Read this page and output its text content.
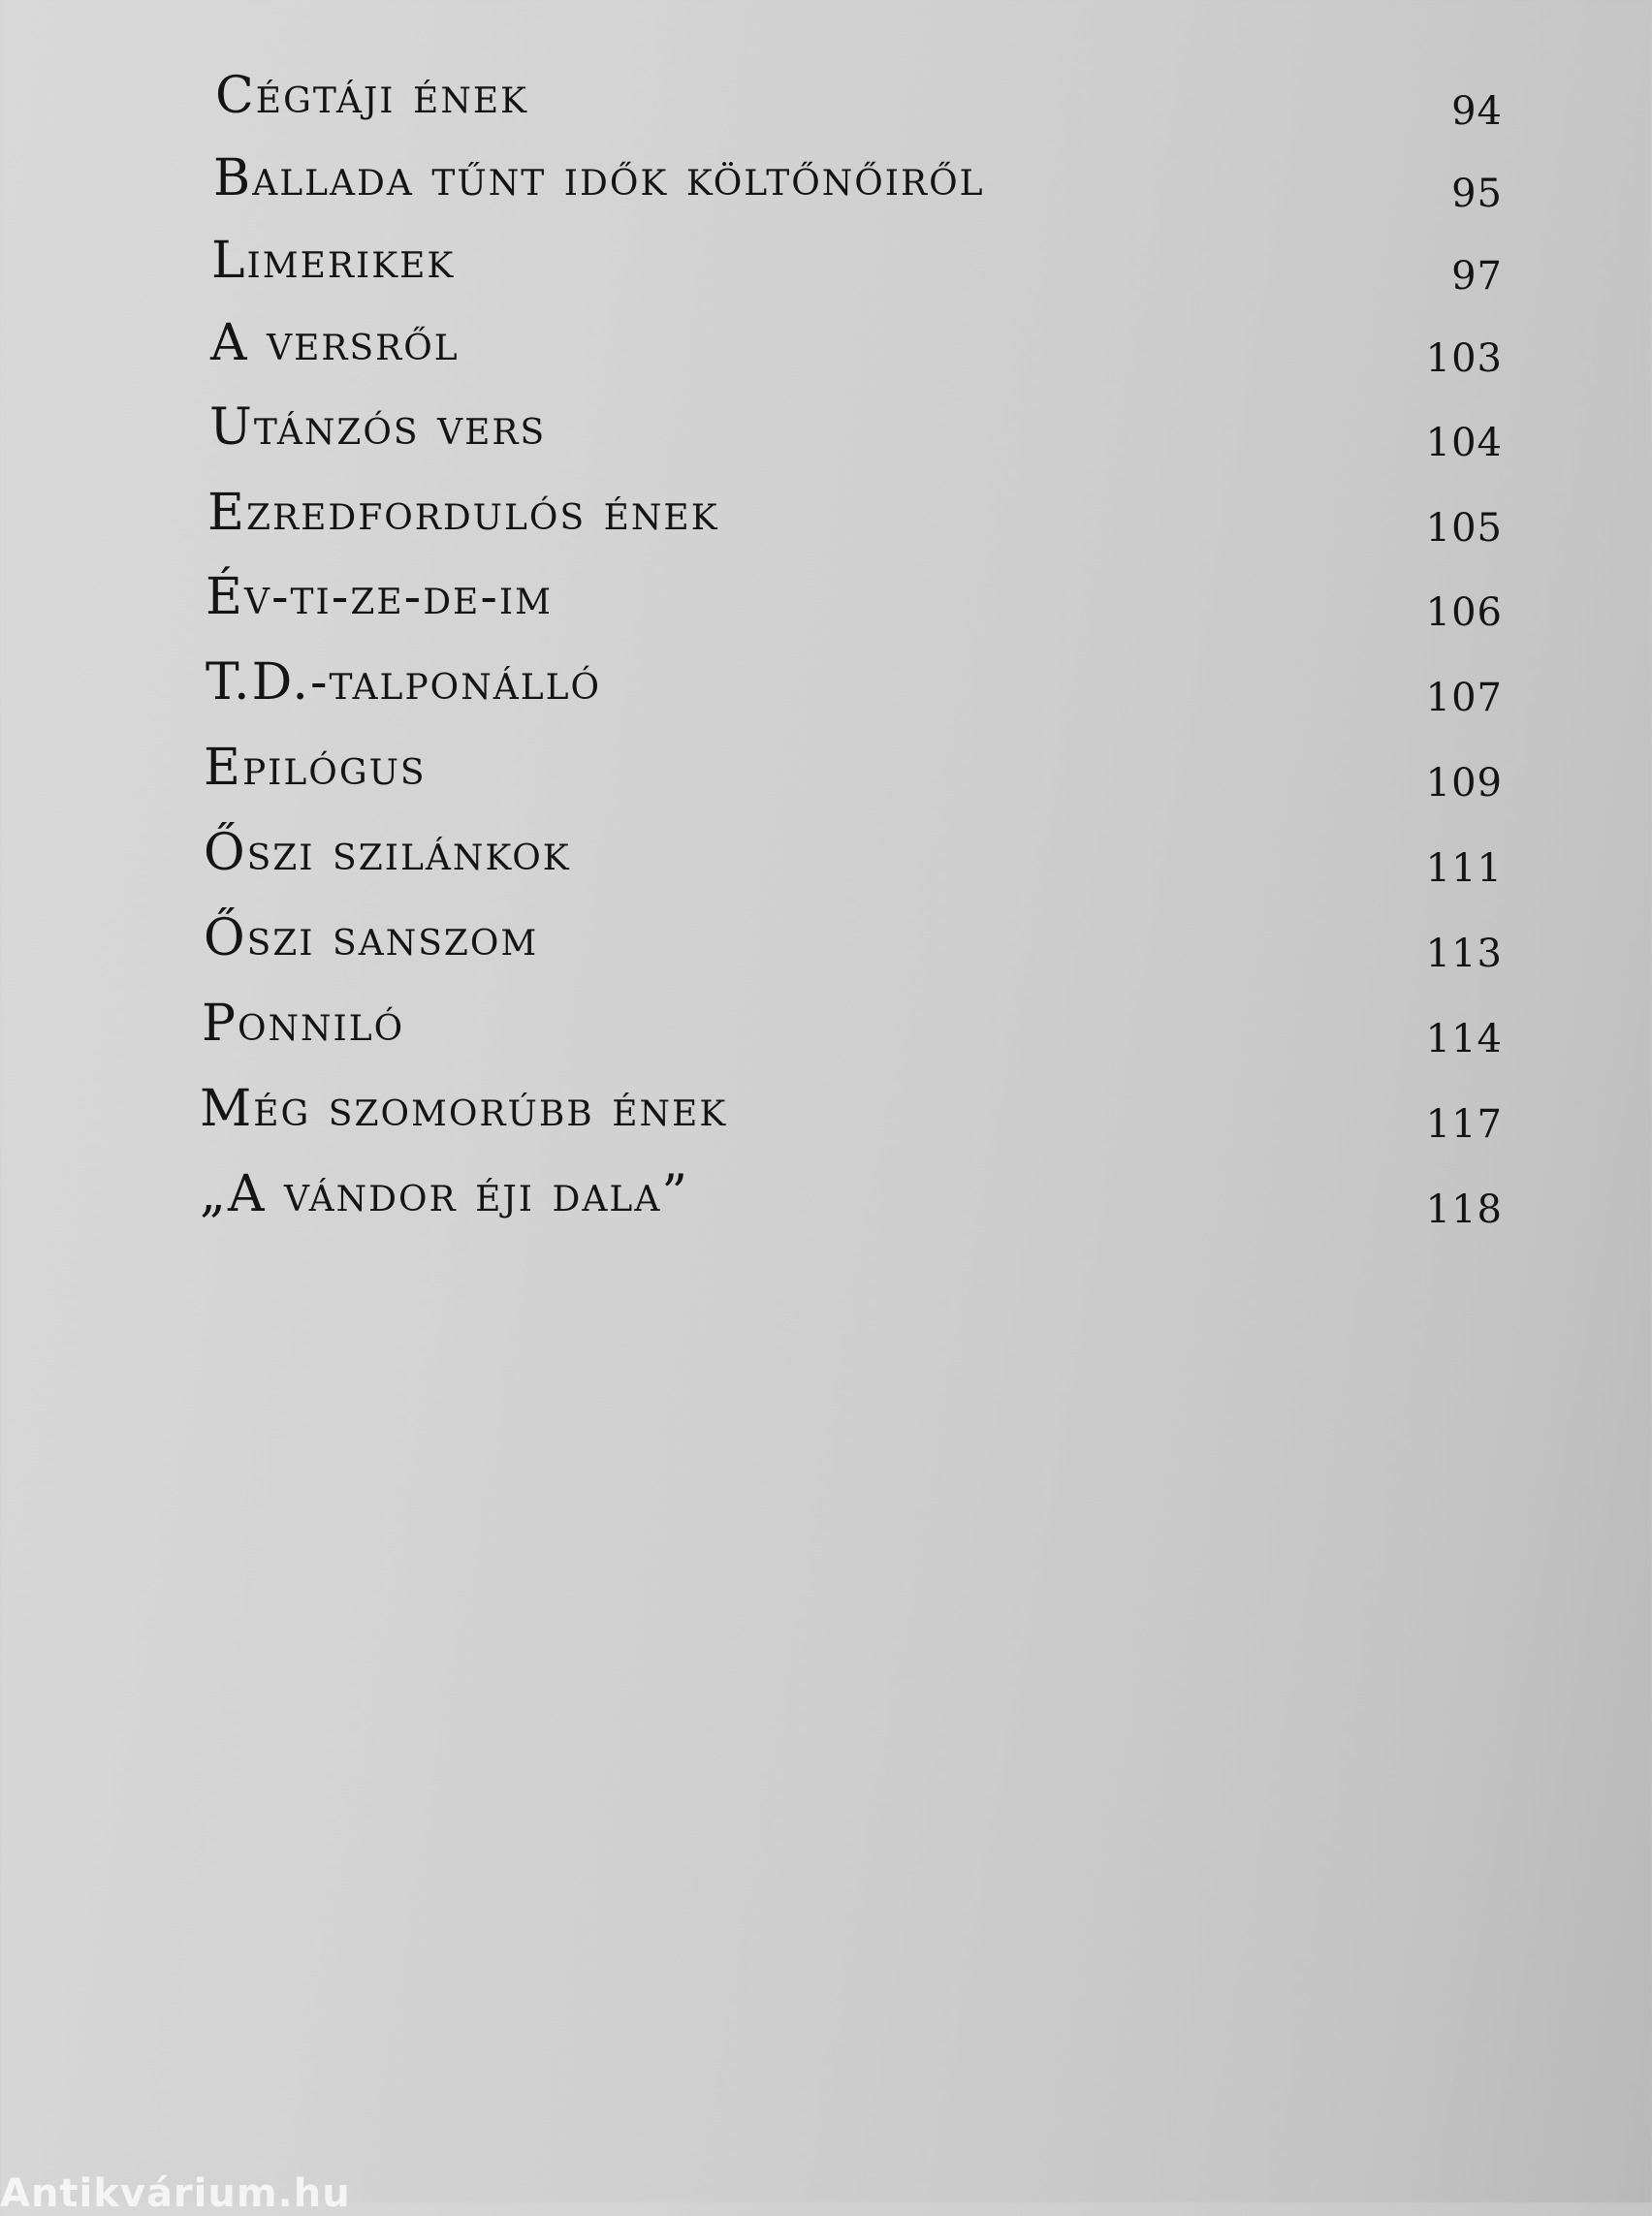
Cégtáji ének	94
Ballada tűnt idők költőnőiről	95
Limerikek	97
A versről	103
Utánzós vers	104
Ezredfordulós ének	105
Év-ti-ze-de-im	106
T.D.-talponálló	107
Epilógus	109
Őszi szilánkok	111
Őszi sanszom	113
Ponniló	114
Még szomorúbb ének	117
„A vándor éji dala”	118
Antikvárium.hu
